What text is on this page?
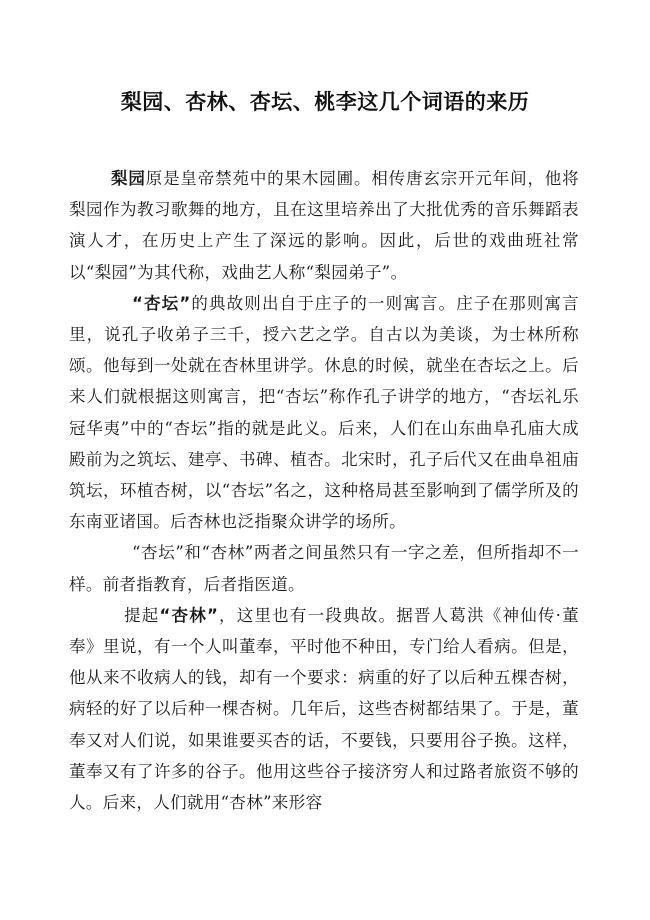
梨园、杏林、杏坛、桃李这几个词语的来历

梨园原是皇帝禁苑中的果木园圃。相传唐玄宗开元年间，他将梨园作为教习歌舞的地方，且在这里培养出了大批优秀的音乐舞蹈表演人才，在历史上产生了深远的影响。因此，后世的戏曲班社常以“梨园”为其代称，戏曲艺人称“梨园弟子”。

“杏坛”的典故则出自于庄子的一则寓言。庄子在那则寓言里，说孔子收弟子三千，授六艺之学。自古以为美谈，为士林所称颂。他每到一处就在杏林里讲学。休息的时候，就坐在杏坛之上。后来人们就根据这则寓言，把“杏坛”称作孔子讲学的地方，“杏坛礼乐冠华夷”中的“杏坛”指的就是此义。后来，人们在山东曲阜孔庙大成殿前为之筑坛、建亭、书碑、植杏。北宋时，孔子后代又在曲阜祖庙筑坛，环植杏树，以“杏坛”名之，这种格局甚至影响到了儒学所及的东南亚诸国。后杏林也泛指聚众讲学的场所。

“杏坛”和“杏林”两者之间虽然只有一字之差，但所指却不一样。前者指教育，后者指医道。

提起“杏林”，这里也有一段典故。据晋人葛洪《神仙传·董奉》里说，有一个人叫董奉，平时他不种田，专门给人看病。但是，他从来不收病人的钱，却有一个要求：病重的好了以后种五棵杏树，病轻的好了以后种一棵杏树。几年后，这些杏树都结果了。于是，董奉又对人们说，如果谁要买杏的话，不要钱，只要用谷子换。这样，董奉又有了许多的谷子。他用这些谷子接济穷人和过路者旅资不够的人。后来，人们就用“杏林”来形容
